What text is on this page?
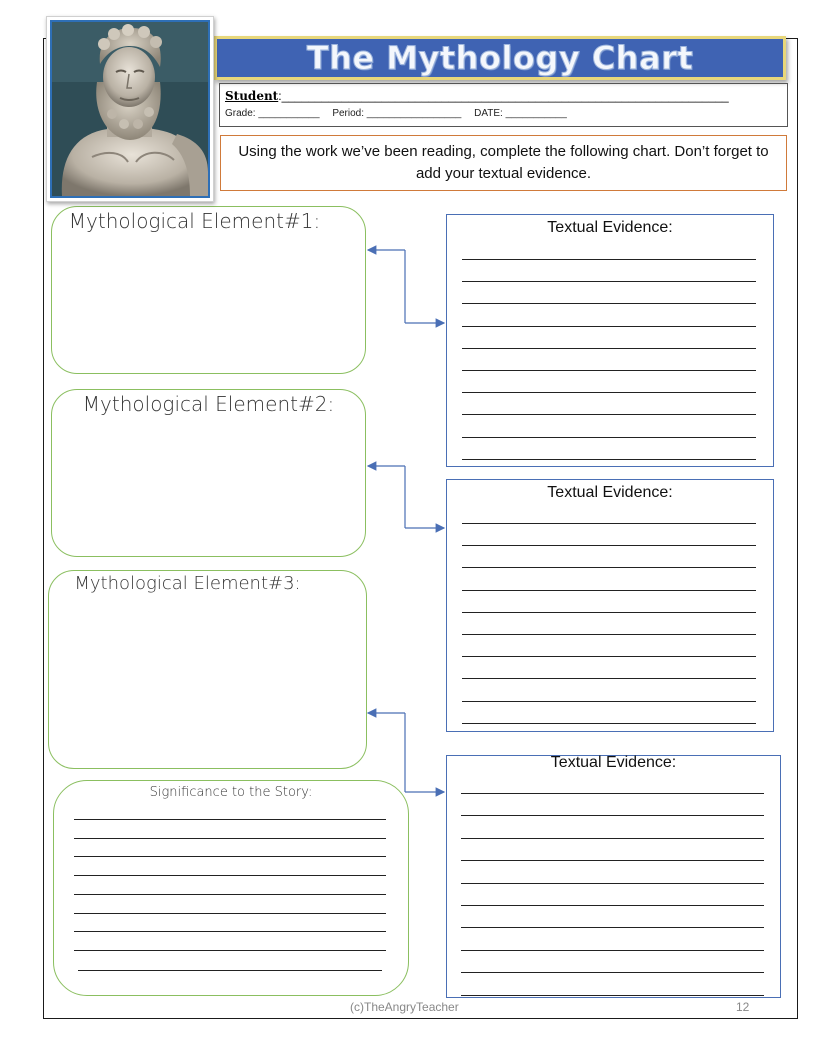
The Mythology Chart
Student:___________________________________________________________________
Grade: ___________ Period: _________________ DATE: ___________
Using the work we’ve been reading, complete the following chart. Don’t forget to add your textual evidence.
Mythological Element#1:
Mythological Element#2:
Mythological Element#3:
Significance to the Story:
Textual Evidence:
Textual Evidence:
Textual Evidence:
(c)TheAngryTeacher	12
